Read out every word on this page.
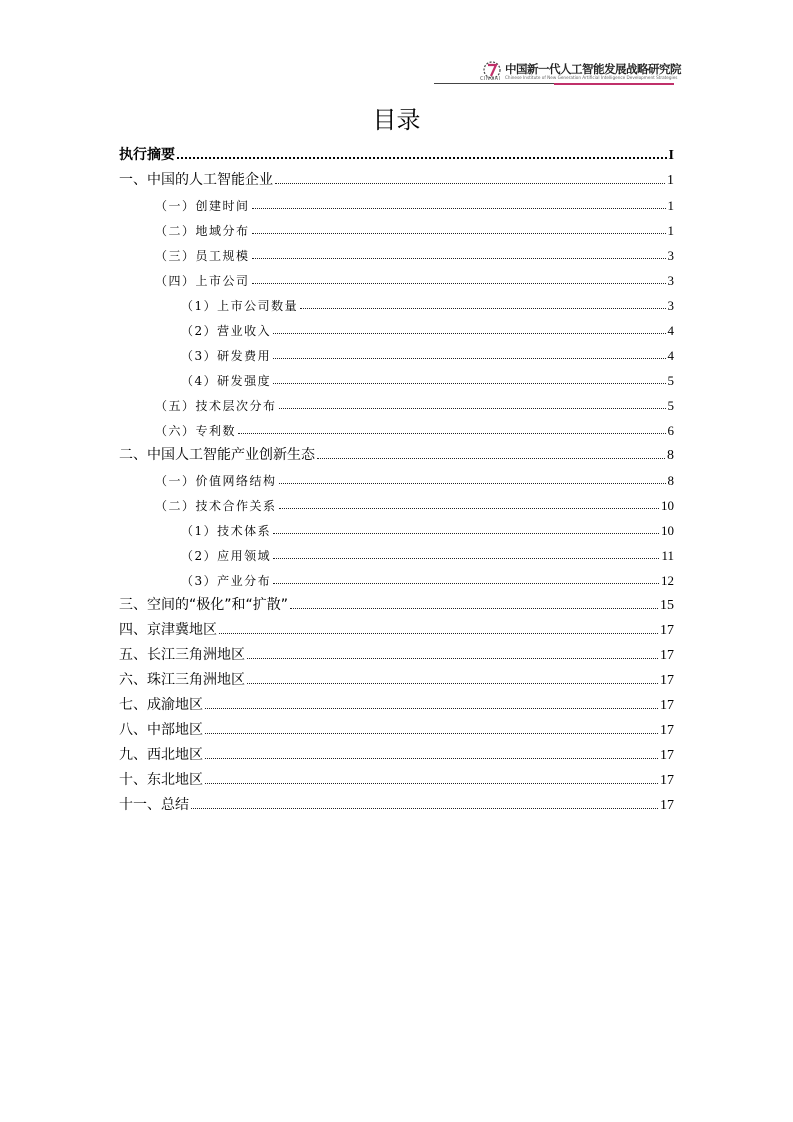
CINGAI
中国新一代人工智能发展战略研究院
Chinese Institute of New Generation Artificial Intelligence Development Strategies
目录
执行摘要	I
一、中国的人工智能企业	1
（一）创建时间	1
（二）地域分布	1
（三）员工规模	3
（四）上市公司	3
（1）上市公司数量	3
（2）营业收入	4
（3）研发费用	4
（4）研发强度	5
（五）技术层次分布	5
（六）专利数	6
二、中国人工智能产业创新生态	8
（一）价值网络结构	8
（二）技术合作关系	10
（1）技术体系	10
（2）应用领域	11
（3）产业分布	12
三、空间的“极化”和“扩散”	15
四、京津冀地区	17
五、长江三角洲地区	17
六、珠江三角洲地区	17
七、成渝地区	17
八、中部地区	17
九、西北地区	17
十、东北地区	17
十一、总结	17
